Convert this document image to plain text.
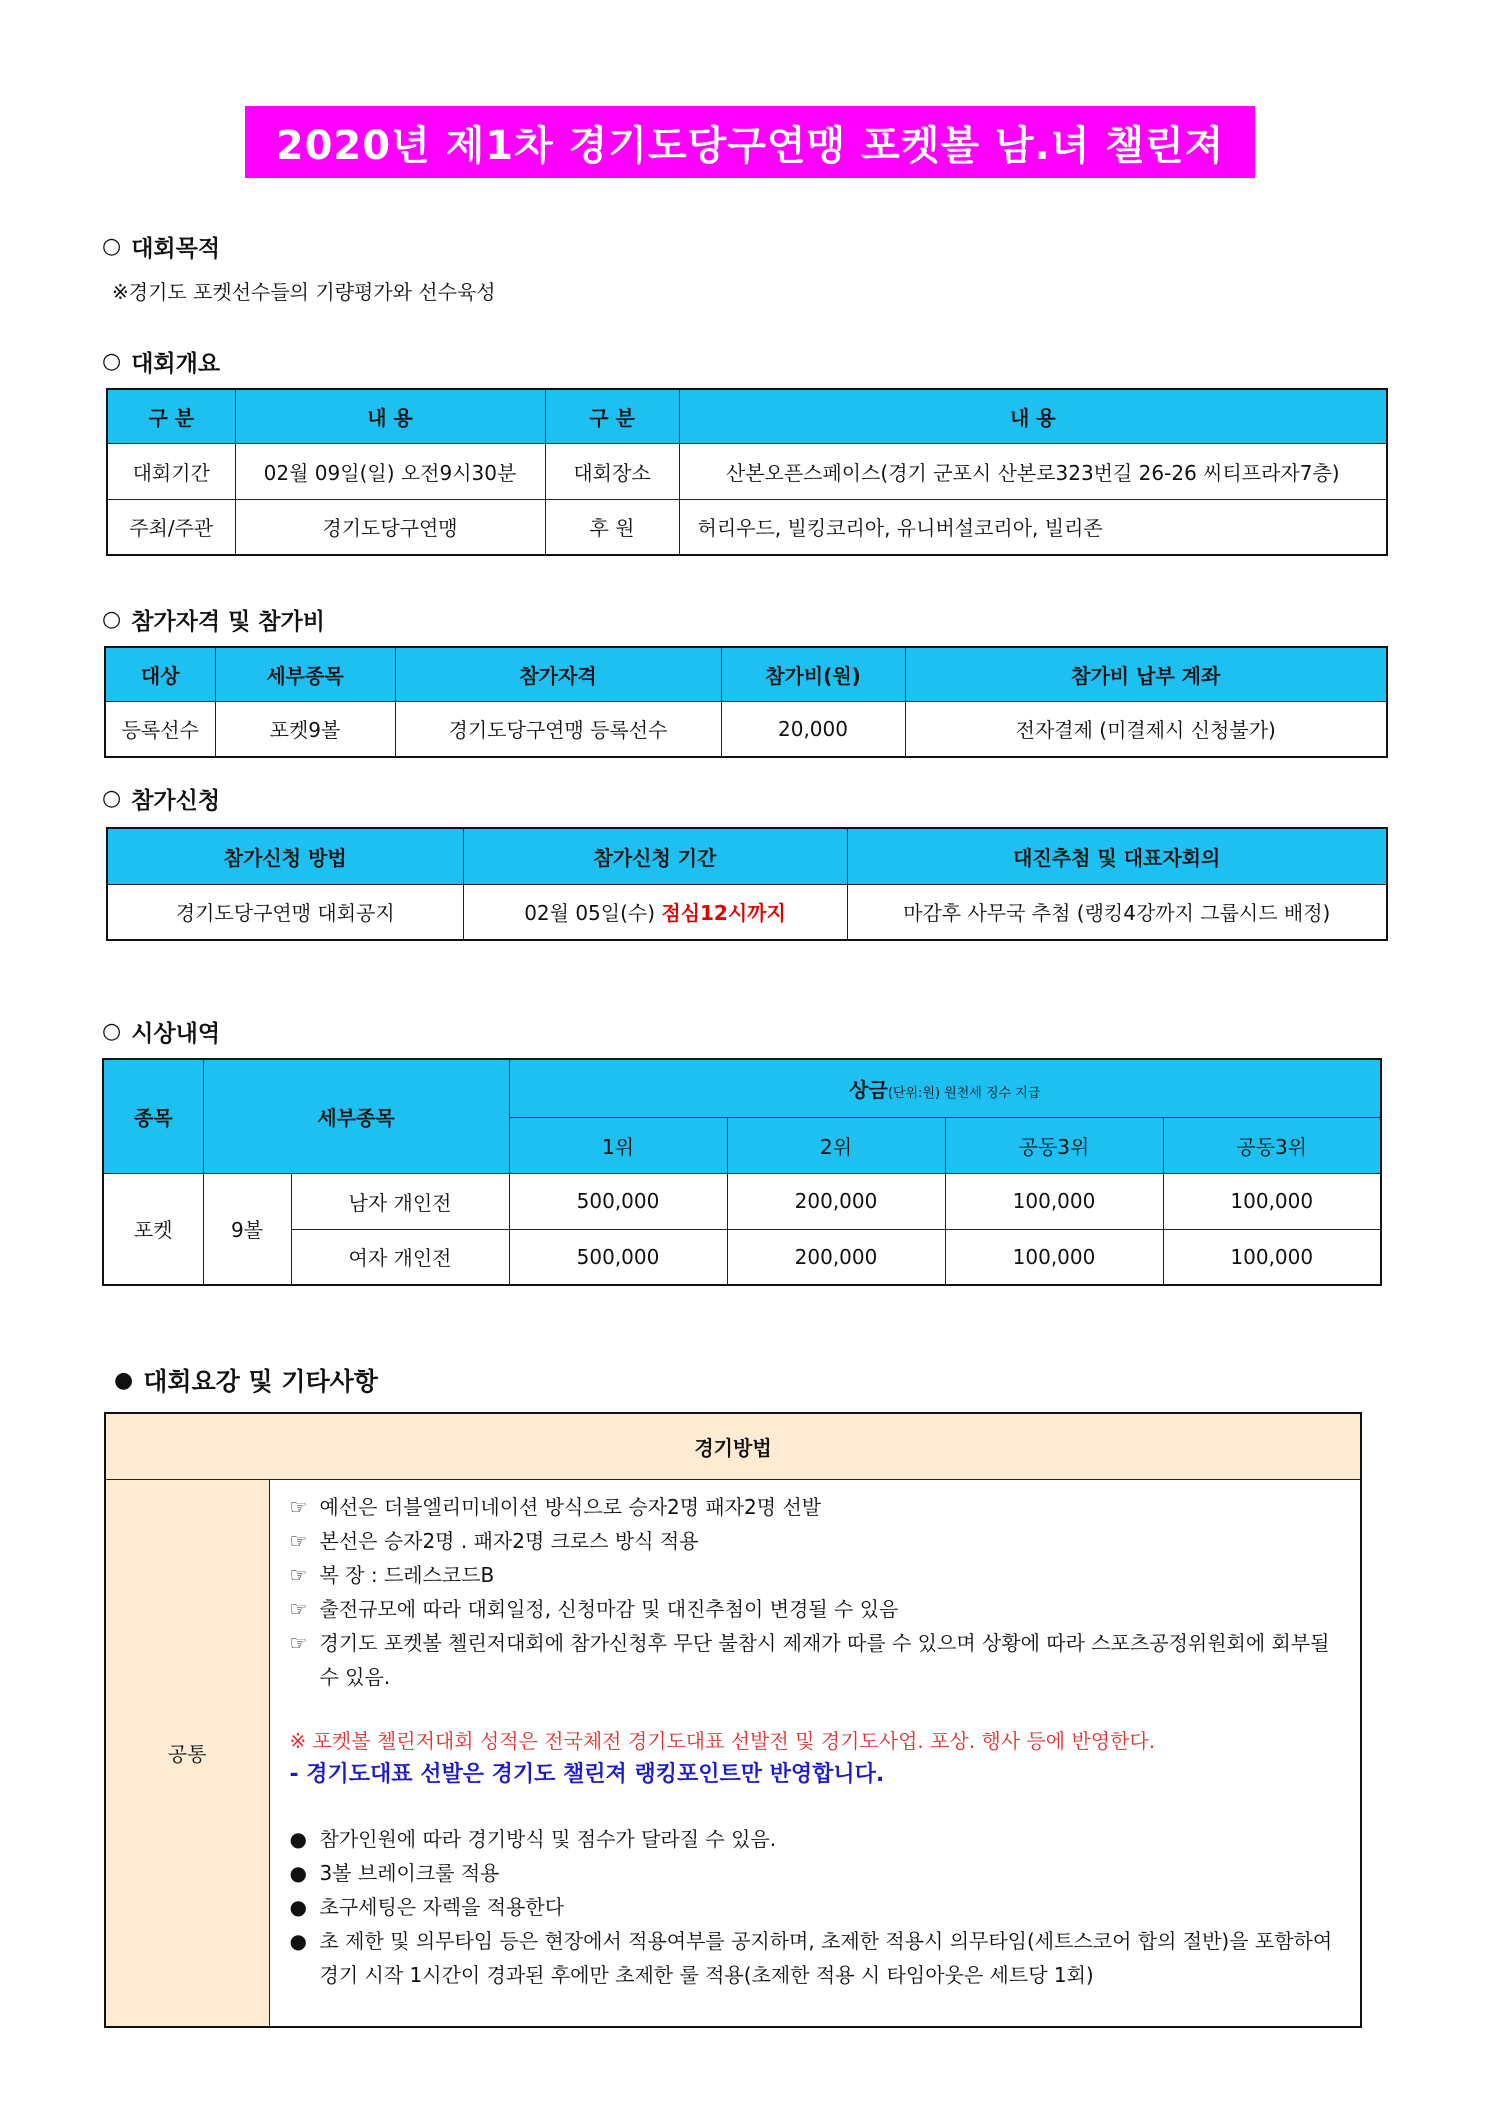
2020년 제1차 경기도당구연맹 포켓볼 남.녀 챌린져
○ 대회목적
※경기도 포켓선수들의 기량평가와 선수육성
○ 대회개요
구 분	내 용	구 분	내 용
대회기간	02월 09일(일) 오전9시30분	대회장소	산본오픈스페이스(경기 군포시 산본로323번길 26-26 씨티프라자7층)
주최/주관	경기도당구연맹	후 원	허리우드, 빌킹코리아, 유니버설코리아, 빌리존
○ 참가자격 및 참가비
대상	세부종목	참가자격	참가비(원)	참가비 납부 계좌
등록선수	포켓9볼	경기도당구연맹 등록선수	20,000	전자결제 (미결제시 신청불가)
○ 참가신청
참가신청 방법	참가신청 기간	대진추첨 및 대표자회의
경기도당구연맹 대회공지	02월 05일(수) 점심12시까지	마감후 사무국 추첨 (랭킹4강까지 그룹시드 배정)
○ 시상내역
종목	세부종목		상금(단위:원) 원천세 징수 지급			
			1위	2위	공동3위	공동3위
포켓	9볼	남자 개인전	500,000	200,000	100,000	100,000
		여자 개인전	500,000	200,000	100,000	100,000
● 대회요강 및 기타사항
경기방법
공통	
☞ 예선은 더블엘리미네이션 방식으로 승자2명 패자2명 선발
☞ 본선은 승자2명 . 패자2명 크로스 방식 적용
☞ 복 장 : 드레스코드B
☞ 출전규모에 따라 대회일정, 신청마감 및 대진추첨이 변경될 수 있음
☞ 경기도 포켓볼 첼린저대회에 참가신청후 무단 불참시 제재가 따를 수 있으며 상황에 따라 스포츠공정위원회에 회부될 수 있음.
※ 포켓볼 첼린저대회 성적은 전국체전 경기도대표 선발전 및 경기도사업. 포상. 행사 등에 반영한다.
- 경기도대표 선발은 경기도 챌린져 랭킹포인트만 반영합니다.
● 참가인원에 따라 경기방식 및 점수가 달라질 수 있음.
● 3볼 브레이크룰 적용
● 초구세팅은 자렉을 적용한다
● 초 제한 및 의무타임 등은 현장에서 적용여부를 공지하며, 초제한 적용시 의무타임(세트스코어 합의 절반)을 포함하여 경기 시작 1시간이 경과된 후에만 초제한 룰 적용(초제한 적용 시 타임아웃은 세트당 1회)
